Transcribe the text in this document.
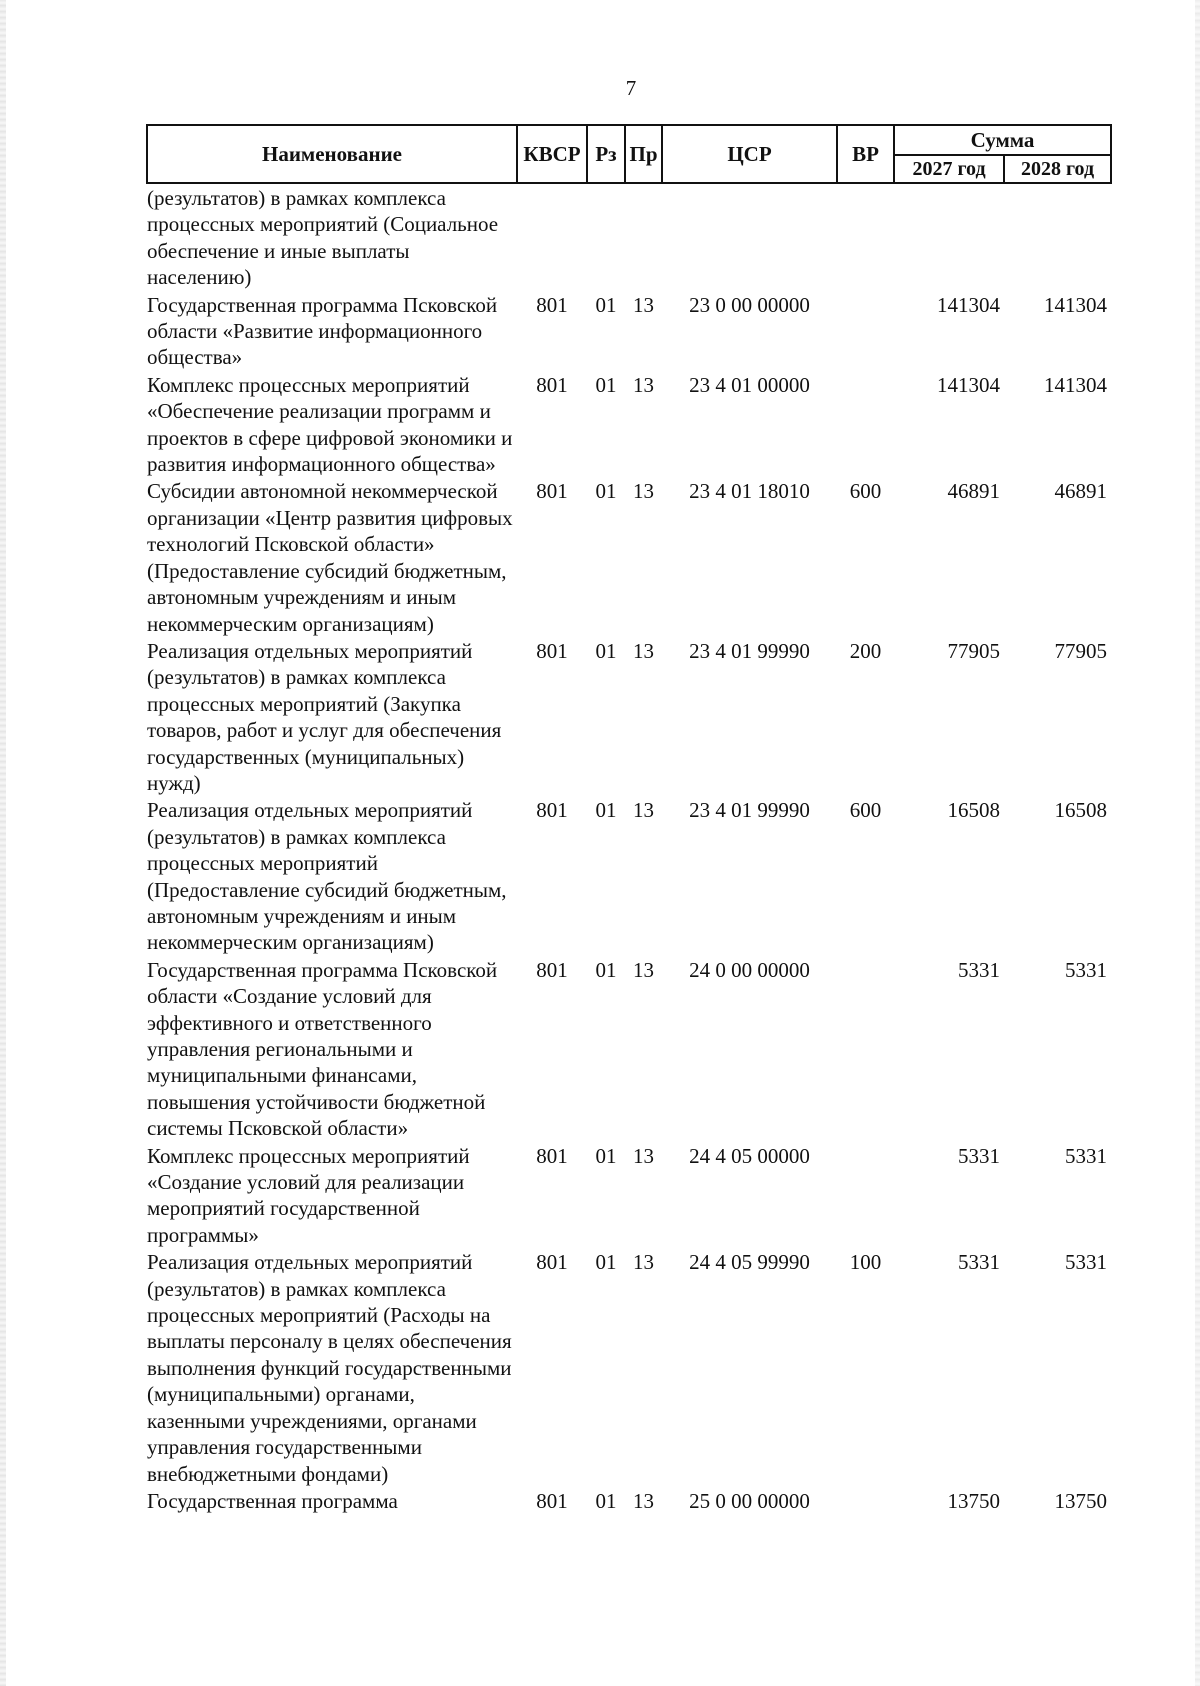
7
Наименование	КВСР	Рз	Пр	ЦСР	ВР	Сумма	
						2027 год	2028 год
(результатов) в рамках комплекса процессных мероприятий (Социальное обеспечение и иные выплаты населению)							
Государственная программа Псковской области «Развитие информационного общества»	801	01	13	23 0 00 00000		141304	141304
Комплекс процессных мероприятий «Обеспечение реализации программ и проектов в сфере цифровой экономики и развития информационного общества»	801	01	13	23 4 01 00000		141304	141304
Субсидии автономной некоммерческой организации «Центр развития цифровых технологий Псковской области» (Предоставление субсидий бюджетным, автономным учреждениям и иным некоммерческим организациям)	801	01	13	23 4 01 18010	600	46891	46891
Реализация отдельных мероприятий (результатов) в рамках комплекса процессных мероприятий (Закупка товаров, работ и услуг для обеспечения государственных (муниципальных) нужд)	801	01	13	23 4 01 99990	200	77905	77905
Реализация отдельных мероприятий (результатов) в рамках комплекса процессных мероприятий (Предоставление субсидий бюджетным, автономным учреждениям и иным некоммерческим организациям)	801	01	13	23 4 01 99990	600	16508	16508
Государственная программа Псковской области «Создание условий для эффективного и ответственного управления региональными и муниципальными финансами, повышения устойчивости бюджетной системы Псковской области»	801	01	13	24 0 00 00000		5331	5331
Комплекс процессных мероприятий «Создание условий для реализации мероприятий государственной программы»	801	01	13	24 4 05 00000		5331	5331
Реализация отдельных мероприятий (результатов) в рамках комплекса процессных мероприятий (Расходы на выплаты персоналу в целях обеспечения выполнения функций государственными (муниципальными) органами, казенными учреждениями, органами управления государственными внебюджетными фондами)	801	01	13	24 4 05 99990	100	5331	5331
Государственная программа	801	01	13	25 0 00 00000		13750	13750
